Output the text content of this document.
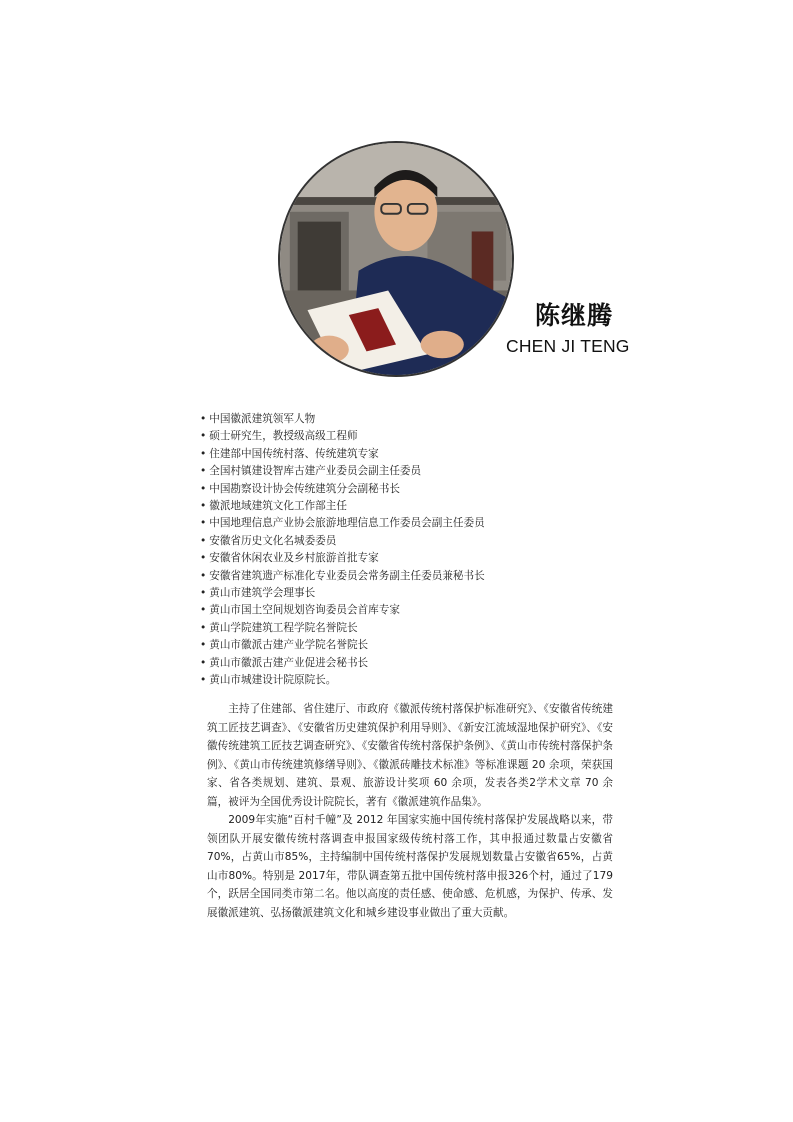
陈继腾
CHEN JI TENG
• 中国徽派建筑领军人物
• 硕士研究生，教授级高级工程师
• 住建部中国传统村落、传统建筑专家
• 全国村镇建设智库古建产业委员会副主任委员
• 中国勘察设计协会传统建筑分会副秘书长
• 徽派地域建筑文化工作部主任
• 中国地理信息产业协会旅游地理信息工作委员会副主任委员
• 安徽省历史文化名城委委员
• 安徽省休闲农业及乡村旅游首批专家
• 安徽省建筑遗产标准化专业委员会常务副主任委员兼秘书长
• 黄山市建筑学会理事长
• 黄山市国土空间规划咨询委员会首库专家
• 黄山学院建筑工程学院名誉院长
• 黄山市徽派古建产业学院名誉院长
• 黄山市徽派古建产业促进会秘书长
• 黄山市城建设计院原院长。

主持了住建部、省住建厅、市政府《徽派传统村落保护标准研究》、《安徽省传统建筑工匠技艺调查》、《安徽省历史建筑保护利用导则》、《新安江流域湿地保护研究》、《安徽传统建筑工匠技艺调查研究》、《安徽省传统村落保护条例》、《黄山市传统村落保护条例》、《黄山市传统建筑修缮导则》、《徽派砖雕技术标准》等标准课题 20 余项，荣获国家、省各类规划、建筑、景观、旅游设计奖项 60 余项，发表各类2学术文章 70 余篇，被评为全国优秀设计院院长，著有《徽派建筑作品集》。

2009年实施“百村千幢”及 2012 年国家实施中国传统村落保护发展战略以来，带领团队开展安徽传统村落调查申报国家级传统村落工作，其申报通过数量占安徽省70%，占黄山市85%，主持编制中国传统村落保护发展规划数量占安徽省65%，占黄山市80%。特别是 2017年，带队调查第五批中国传统村落申报326个村，通过了179个，跃居全国同类市第二名。他以高度的责任感、使命感、危机感，为保护、传承、发展徽派建筑、弘扬徽派建筑文化和城乡建设事业做出了重大贡献。
